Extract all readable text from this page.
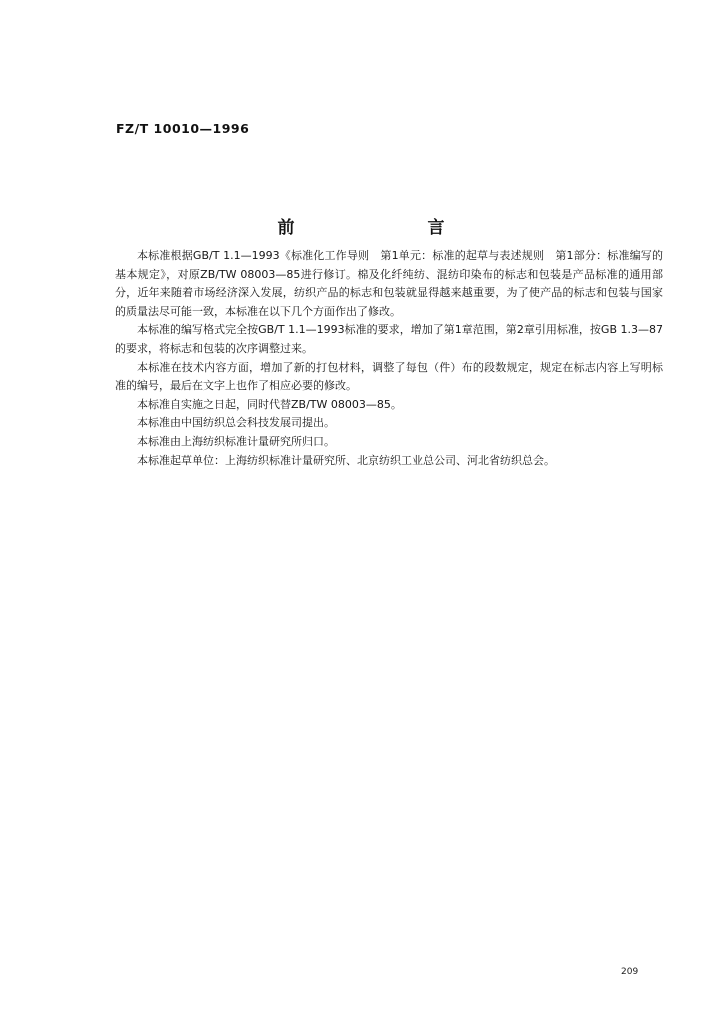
FZ/T 10010—1996
前　言

本标准根据GB/T 1.1—1993《标准化工作导则　第1单元：标准的起草与表述规则　第1部分：标准编写的基本规定》，对原ZB/TW 08003—85进行修订。棉及化纤纯纺、混纺印染布的标志和包装是产品标准的通用部分，近年来随着市场经济深入发展，纺织产品的标志和包装就显得越来越重要，为了使产品的标志和包装与国家的质量法尽可能一致，本标准在以下几个方面作出了修改。

本标准的编写格式完全按GB/T 1.1—1993标准的要求，增加了第1章范围，第2章引用标准，按GB 1.3—87的要求，将标志和包装的次序调整过来。

本标准在技术内容方面，增加了新的打包材料，调整了每包（件）布的段数规定，规定在标志内容上写明标准的编号，最后在文字上也作了相应必要的修改。

本标准自实施之日起，同时代替ZB/TW 08003—85。

本标准由中国纺织总会科技发展司提出。

本标准由上海纺织标准计量研究所归口。

本标准起草单位：上海纺织标准计量研究所、北京纺织工业总公司、河北省纺织总会。

209
